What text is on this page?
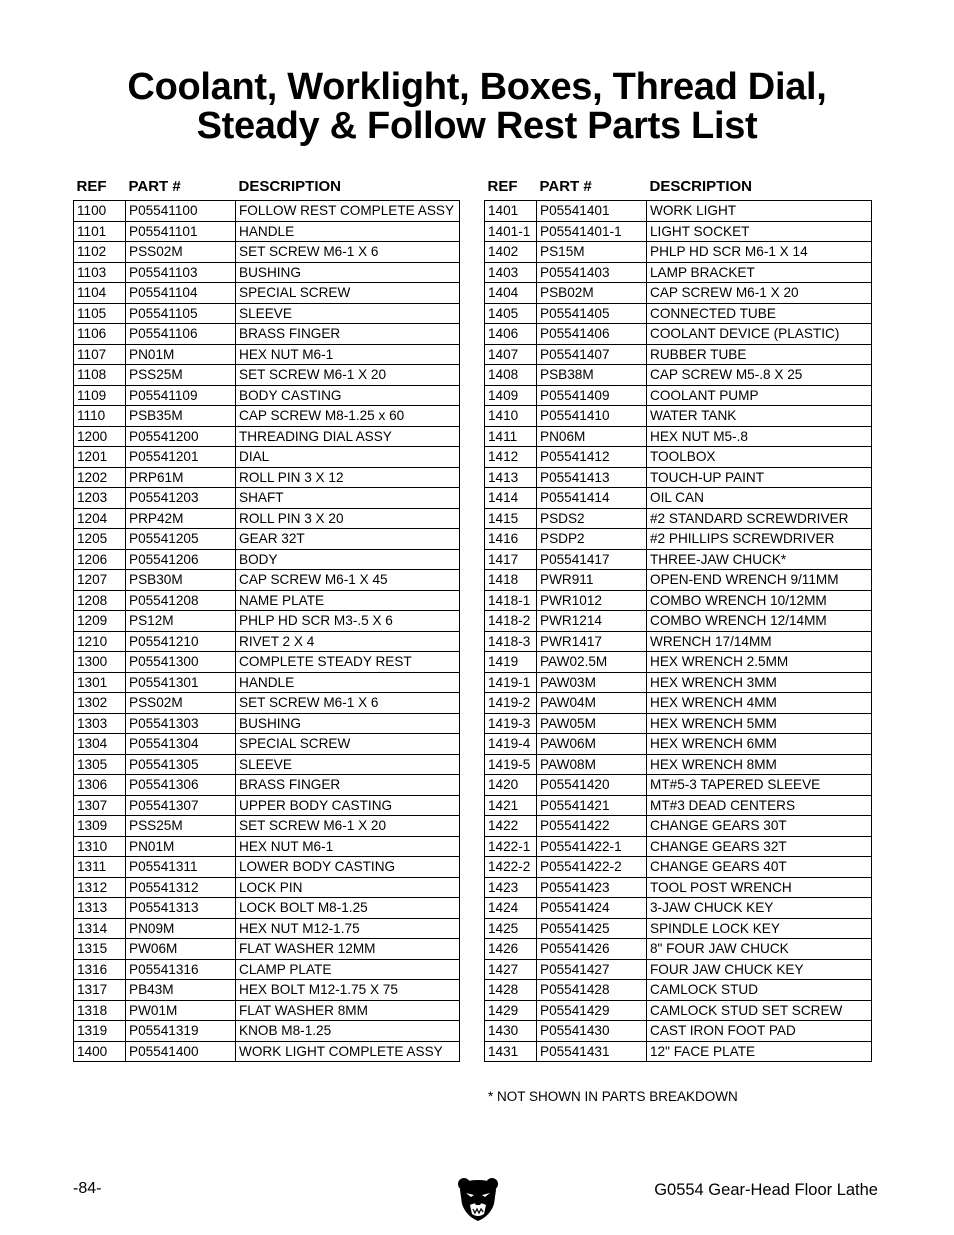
Coolant, Worklight, Boxes, Thread Dial,
Steady & Follow Rest Parts List
REF	PART #	DESCRIPTION
1100	P05541100	FOLLOW REST COMPLETE ASSY
1101	P05541101	HANDLE
1102	PSS02M	SET SCREW M6-1 X 6
1103	P05541103	BUSHING
1104	P05541104	SPECIAL SCREW
1105	P05541105	SLEEVE
1106	P05541106	BRASS FINGER
1107	PN01M	HEX NUT M6-1
1108	PSS25M	SET SCREW M6-1 X 20
1109	P05541109	BODY CASTING
1110	PSB35M	CAP SCREW M8-1.25 x 60
1200	P05541200	THREADING DIAL ASSY
1201	P05541201	DIAL
1202	PRP61M	ROLL PIN 3 X 12
1203	P05541203	SHAFT
1204	PRP42M	ROLL PIN 3 X 20
1205	P05541205	GEAR 32T
1206	P05541206	BODY
1207	PSB30M	CAP SCREW M6-1 X 45
1208	P05541208	NAME PLATE
1209	PS12M	PHLP HD SCR M3-.5 X 6
1210	P05541210	RIVET 2 X 4
1300	P05541300	COMPLETE STEADY REST
1301	P05541301	HANDLE
1302	PSS02M	SET SCREW M6-1 X 6
1303	P05541303	BUSHING
1304	P05541304	SPECIAL SCREW
1305	P05541305	SLEEVE
1306	P05541306	BRASS FINGER
1307	P05541307	UPPER BODY CASTING
1309	PSS25M	SET SCREW M6-1 X 20
1310	PN01M	HEX NUT M6-1
1311	P05541311	LOWER BODY CASTING
1312	P05541312	LOCK PIN
1313	P05541313	LOCK BOLT M8-1.25
1314	PN09M	HEX NUT M12-1.75
1315	PW06M	FLAT WASHER 12MM
1316	P05541316	CLAMP PLATE
1317	PB43M	HEX BOLT M12-1.75 X 75
1318	PW01M	FLAT WASHER 8MM
1319	P05541319	KNOB M8-1.25
1400	P05541400	WORK LIGHT COMPLETE ASSY
REF	PART #	DESCRIPTION
1401	P05541401	WORK LIGHT
1401-1	P05541401-1	LIGHT SOCKET
1402	PS15M	PHLP HD SCR M6-1 X 14
1403	P05541403	LAMP BRACKET
1404	PSB02M	CAP SCREW M6-1 X 20
1405	P05541405	CONNECTED TUBE
1406	P05541406	COOLANT DEVICE (PLASTIC)
1407	P05541407	RUBBER TUBE
1408	PSB38M	CAP SCREW M5-.8 X 25
1409	P05541409	COOLANT PUMP
1410	P05541410	WATER TANK
1411	PN06M	HEX NUT M5-.8
1412	P05541412	TOOLBOX
1413	P05541413	TOUCH-UP PAINT
1414	P05541414	OIL CAN
1415	PSDS2	#2 STANDARD SCREWDRIVER
1416	PSDP2	#2 PHILLIPS SCREWDRIVER
1417	P05541417	THREE-JAW CHUCK*
1418	PWR911	OPEN-END WRENCH 9/11MM
1418-1	PWR1012	COMBO WRENCH 10/12MM
1418-2	PWR1214	COMBO WRENCH 12/14MM
1418-3	PWR1417	WRENCH 17/14MM
1419	PAW02.5M	HEX WRENCH 2.5MM
1419-1	PAW03M	HEX WRENCH 3MM
1419-2	PAW04M	HEX WRENCH 4MM
1419-3	PAW05M	HEX WRENCH 5MM
1419-4	PAW06M	HEX WRENCH 6MM
1419-5	PAW08M	HEX WRENCH 8MM
1420	P05541420	MT#5-3 TAPERED SLEEVE
1421	P05541421	MT#3 DEAD CENTERS
1422	P05541422	CHANGE GEARS 30T
1422-1	P05541422-1	CHANGE GEARS 32T
1422-2	P05541422-2	CHANGE GEARS 40T
1423	P05541423	TOOL POST WRENCH
1424	P05541424	3-JAW CHUCK KEY
1425	P05541425	SPINDLE LOCK KEY
1426	P05541426	8" FOUR JAW CHUCK
1427	P05541427	FOUR JAW CHUCK KEY
1428	P05541428	CAMLOCK STUD
1429	P05541429	CAMLOCK STUD SET SCREW
1430	P05541430	CAST IRON FOOT PAD
1431	P05541431	12" FACE PLATE
* NOT SHOWN IN PARTS BREAKDOWN
-84-	G0554 Gear-Head Floor Lathe
